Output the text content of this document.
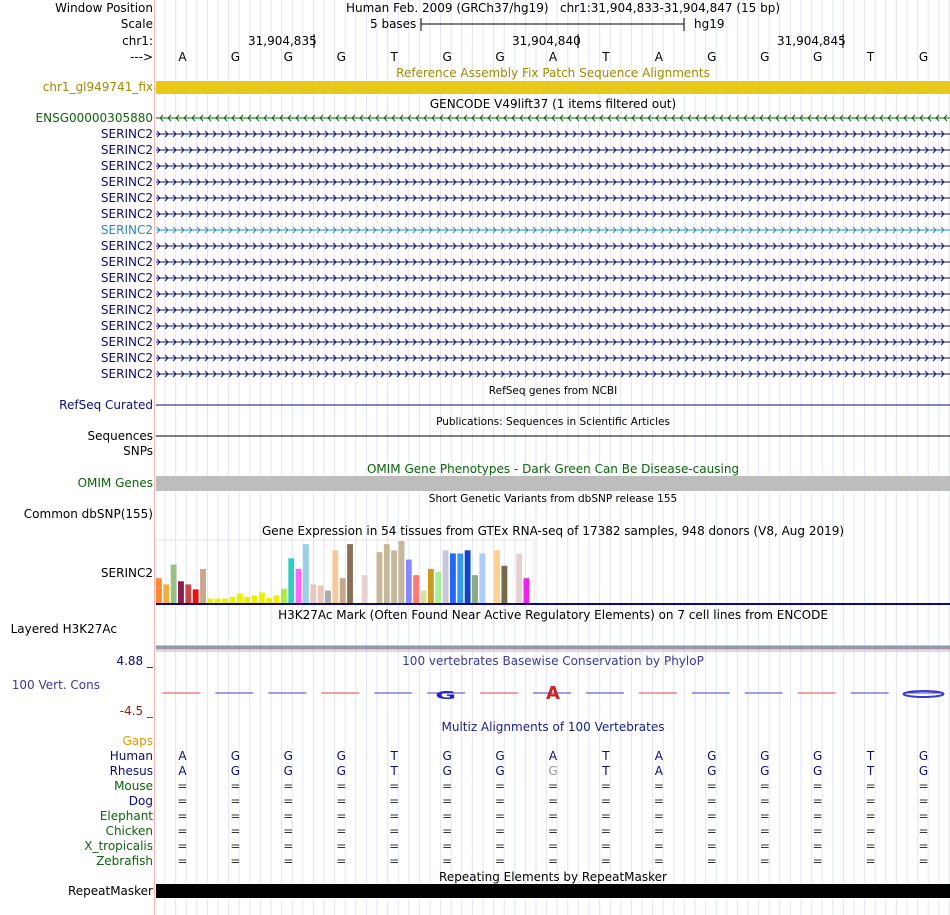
G	A
Window Position
Scale
chr1:
--->
Human Feb. 2009 (GRCh37/hg19) chr1:31,904,833-31,904,847 (15 bp)
5 bases	hg19
31,904,835	31,904,840	31,904,845
A	G	G	G	T	G	G	A	T	A	G	G	G	T	G
Reference Assembly Fix Patch Sequence Alignments
chr1_gl949741_fix
GENCODE V49lift37 (1 items filtered out)
ENSG00000305880
SERINC2
SERINC2
SERINC2
SERINC2
SERINC2
SERINC2
SERINC2
SERINC2
SERINC2
SERINC2
SERINC2
SERINC2
SERINC2
SERINC2
SERINC2
SERINC2
RefSeq genes from NCBI
RefSeq Curated
Publications: Sequences in Scientific Articles
Sequences
SNPs
OMIM Gene Phenotypes - Dark Green Can Be Disease-causing
OMIM Genes
Short Genetic Variants from dbSNP release 155
Common dbSNP(155)
Gene Expression in 54 tissues from GTEx RNA-seq of 17382 samples, 948 donors (V8, Aug 2019)
SERINC2
H3K27Ac Mark (Often Found Near Active Regulatory Elements) on 7 cell lines from ENCODE
Layered H3K27Ac
100 vertebrates Basewise Conservation by PhyloP
4.88 _
100 Vert. Cons
-4.5 _
Multiz Alignments of 100 Vertebrates
Gaps
Human	A	G	G	G	T	G	G	A	T	A	G	G	G	T	G
Rhesus	A	G	G	G	T	G	G	G	T	A	G	G	G	T	G
Mouse	=	=	=	=	=	=	=	=	=	=	=	=	=	=	=
Dog	=	=	=	=	=	=	=	=	=	=	=	=	=	=	=
Elephant	=	=	=	=	=	=	=	=	=	=	=	=	=	=	=
Chicken	=	=	=	=	=	=	=	=	=	=	=	=	=	=	=
X_tropicalis	=	=	=	=	=	=	=	=	=	=	=	=	=	=	=
Zebrafish	=	=	=	=	=	=	=	=	=	=	=	=	=	=	=
Repeating Elements by RepeatMasker
RepeatMasker
